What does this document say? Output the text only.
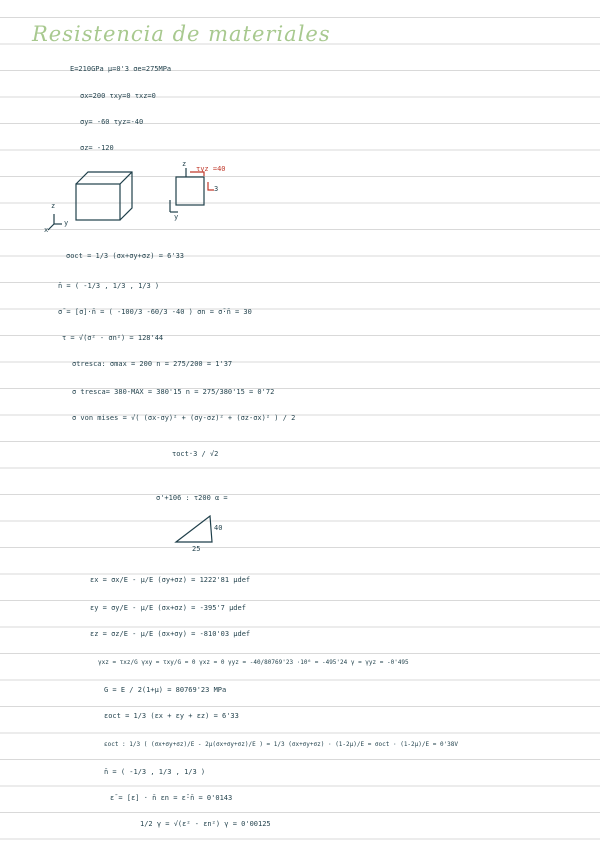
Resistencia de materiales
E=210GPa μ=0'3 σe=275MPa
σx=200 τxy=0 τxz=0
σy= -60 τyz=-40
σz= -120
z
y
x
z
τyz =40
3
y
σoct = 1/3 (σx+σy+σz) = 6'33
n̄ = ( -1/3 , 1/3 , 1/3 )
σ̄ = [σ]·n̄ = ( -100/3 -60/3 -40 ) σn = σ̄·n̄ = 30
τ = √(σ² - σn²) = 128'44
σtresca: σmax = 200 n = 275/200 = 1'37
σ tresca= 380-MAX = 380'15 n = 275/380'15 = 0'72
σ von mises = √( (σx-σy)² + (σy-σz)² + (σz-σx)² ) / 2
τoct·3 / √2
σ'+106 : τ200 α =
40
25
εx = σx/E - μ/E (σy+σz) = 1222'81 μdef
εy = σy/E - μ/E (σx+σz) = -395'7 μdef
εz = σz/E - μ/E (σx+σy) = -810'03 μdef
γxz = τxz/G γxy = τxy/G = 0 γxz = 0 γyz = -40/80769'23 ·10⁶ = -495'24 γ = γyz = -0'495
G = E / 2(1+μ) = 80769'23 MPa
εoct = 1/3 (εx + εy + εz) = 6'33
εoct : 1/3 ( (σx+σy+σz)/E - 2μ(σx+σy+σz)/E ) = 1/3 (σx+σy+σz) · (1-2μ)/E = σoct · (1-2μ)/E = 0'38V
n̄ = ( -1/3 , 1/3 , 1/3 )
ε̄ = [ε] · n̄ εn = ε̄·n̄ = 0'0143
1/2 γ = √(ε² - εn²) γ = 0'00125
